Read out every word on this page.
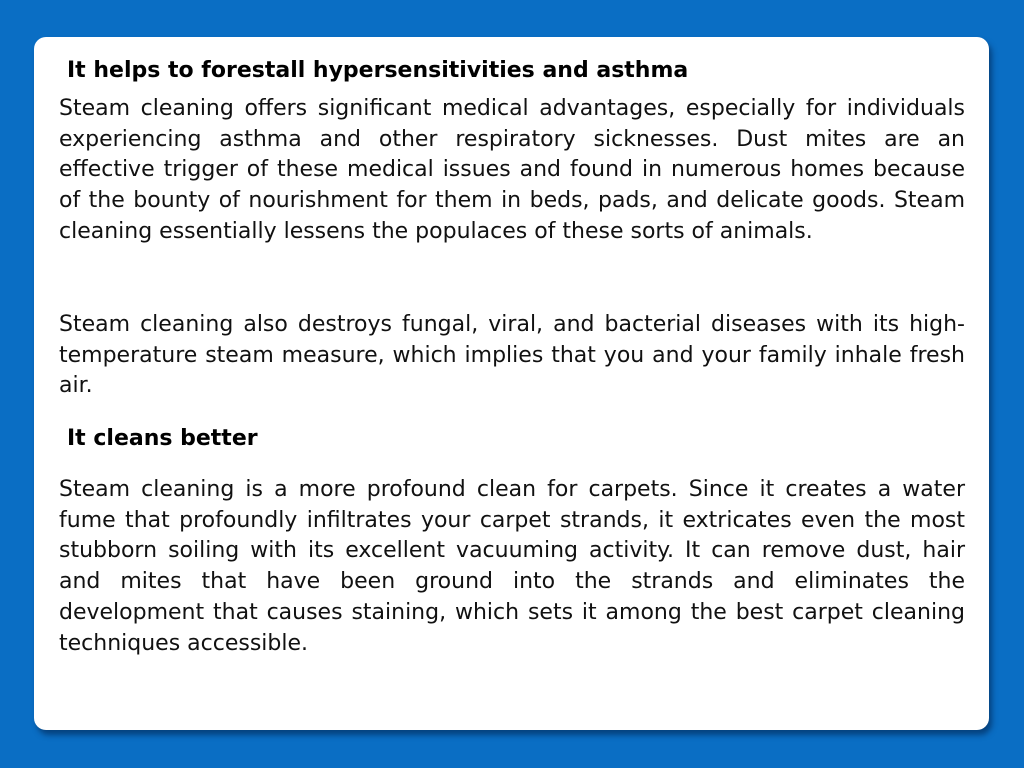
It helps to forestall hypersensitivities and asthma

Steam cleaning offers significant medical advantages, especially for individuals experiencing asthma and other respiratory sicknesses. Dust mites are an effective trigger of these medical issues and found in numerous homes because of the bounty of nourishment for them in beds, pads, and delicate goods. Steam cleaning essentially lessens the populaces of these sorts of animals.

Steam cleaning also destroys fungal, viral, and bacterial diseases with its high-temperature steam measure, which implies that you and your family inhale fresh air.

It cleans better

Steam cleaning is a more profound clean for carpets. Since it creates a water fume that profoundly infiltrates your carpet strands, it extricates even the most stubborn soiling with its excellent vacuuming activity. It can remove dust, hair and mites that have been ground into the strands and eliminates the development that causes staining, which sets it among the best carpet cleaning techniques accessible.
